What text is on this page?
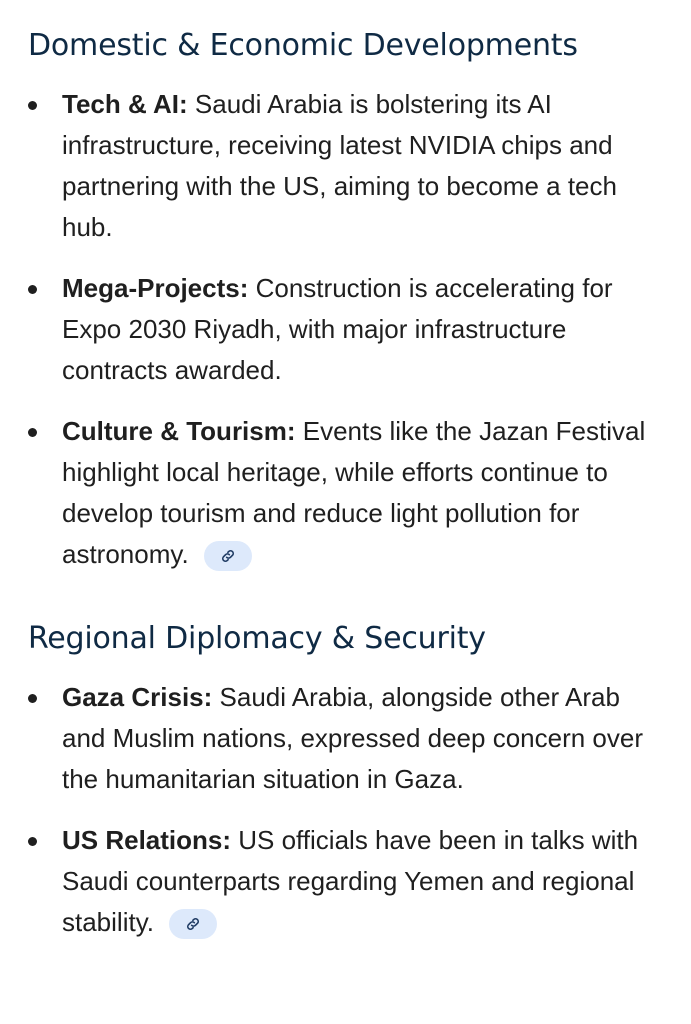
Domestic & Economic Developments
Tech & AI: Saudi Arabia is bolstering its AI infrastructure, receiving latest NVIDIA chips and partnering with the US, aiming to become a tech hub.
Mega-Projects: Construction is accelerating for Expo 2030 Riyadh, with major infrastructure contracts awarded.
Culture & Tourism: Events like the Jazan Festival highlight local heritage, while efforts continue to develop tourism and reduce light pollution for astronomy.
Regional Diplomacy & Security
Gaza Crisis: Saudi Arabia, alongside other Arab and Muslim nations, expressed deep concern over the humanitarian situation in Gaza.
US Relations: US officials have been in talks with Saudi counterparts regarding Yemen and regional stability.
